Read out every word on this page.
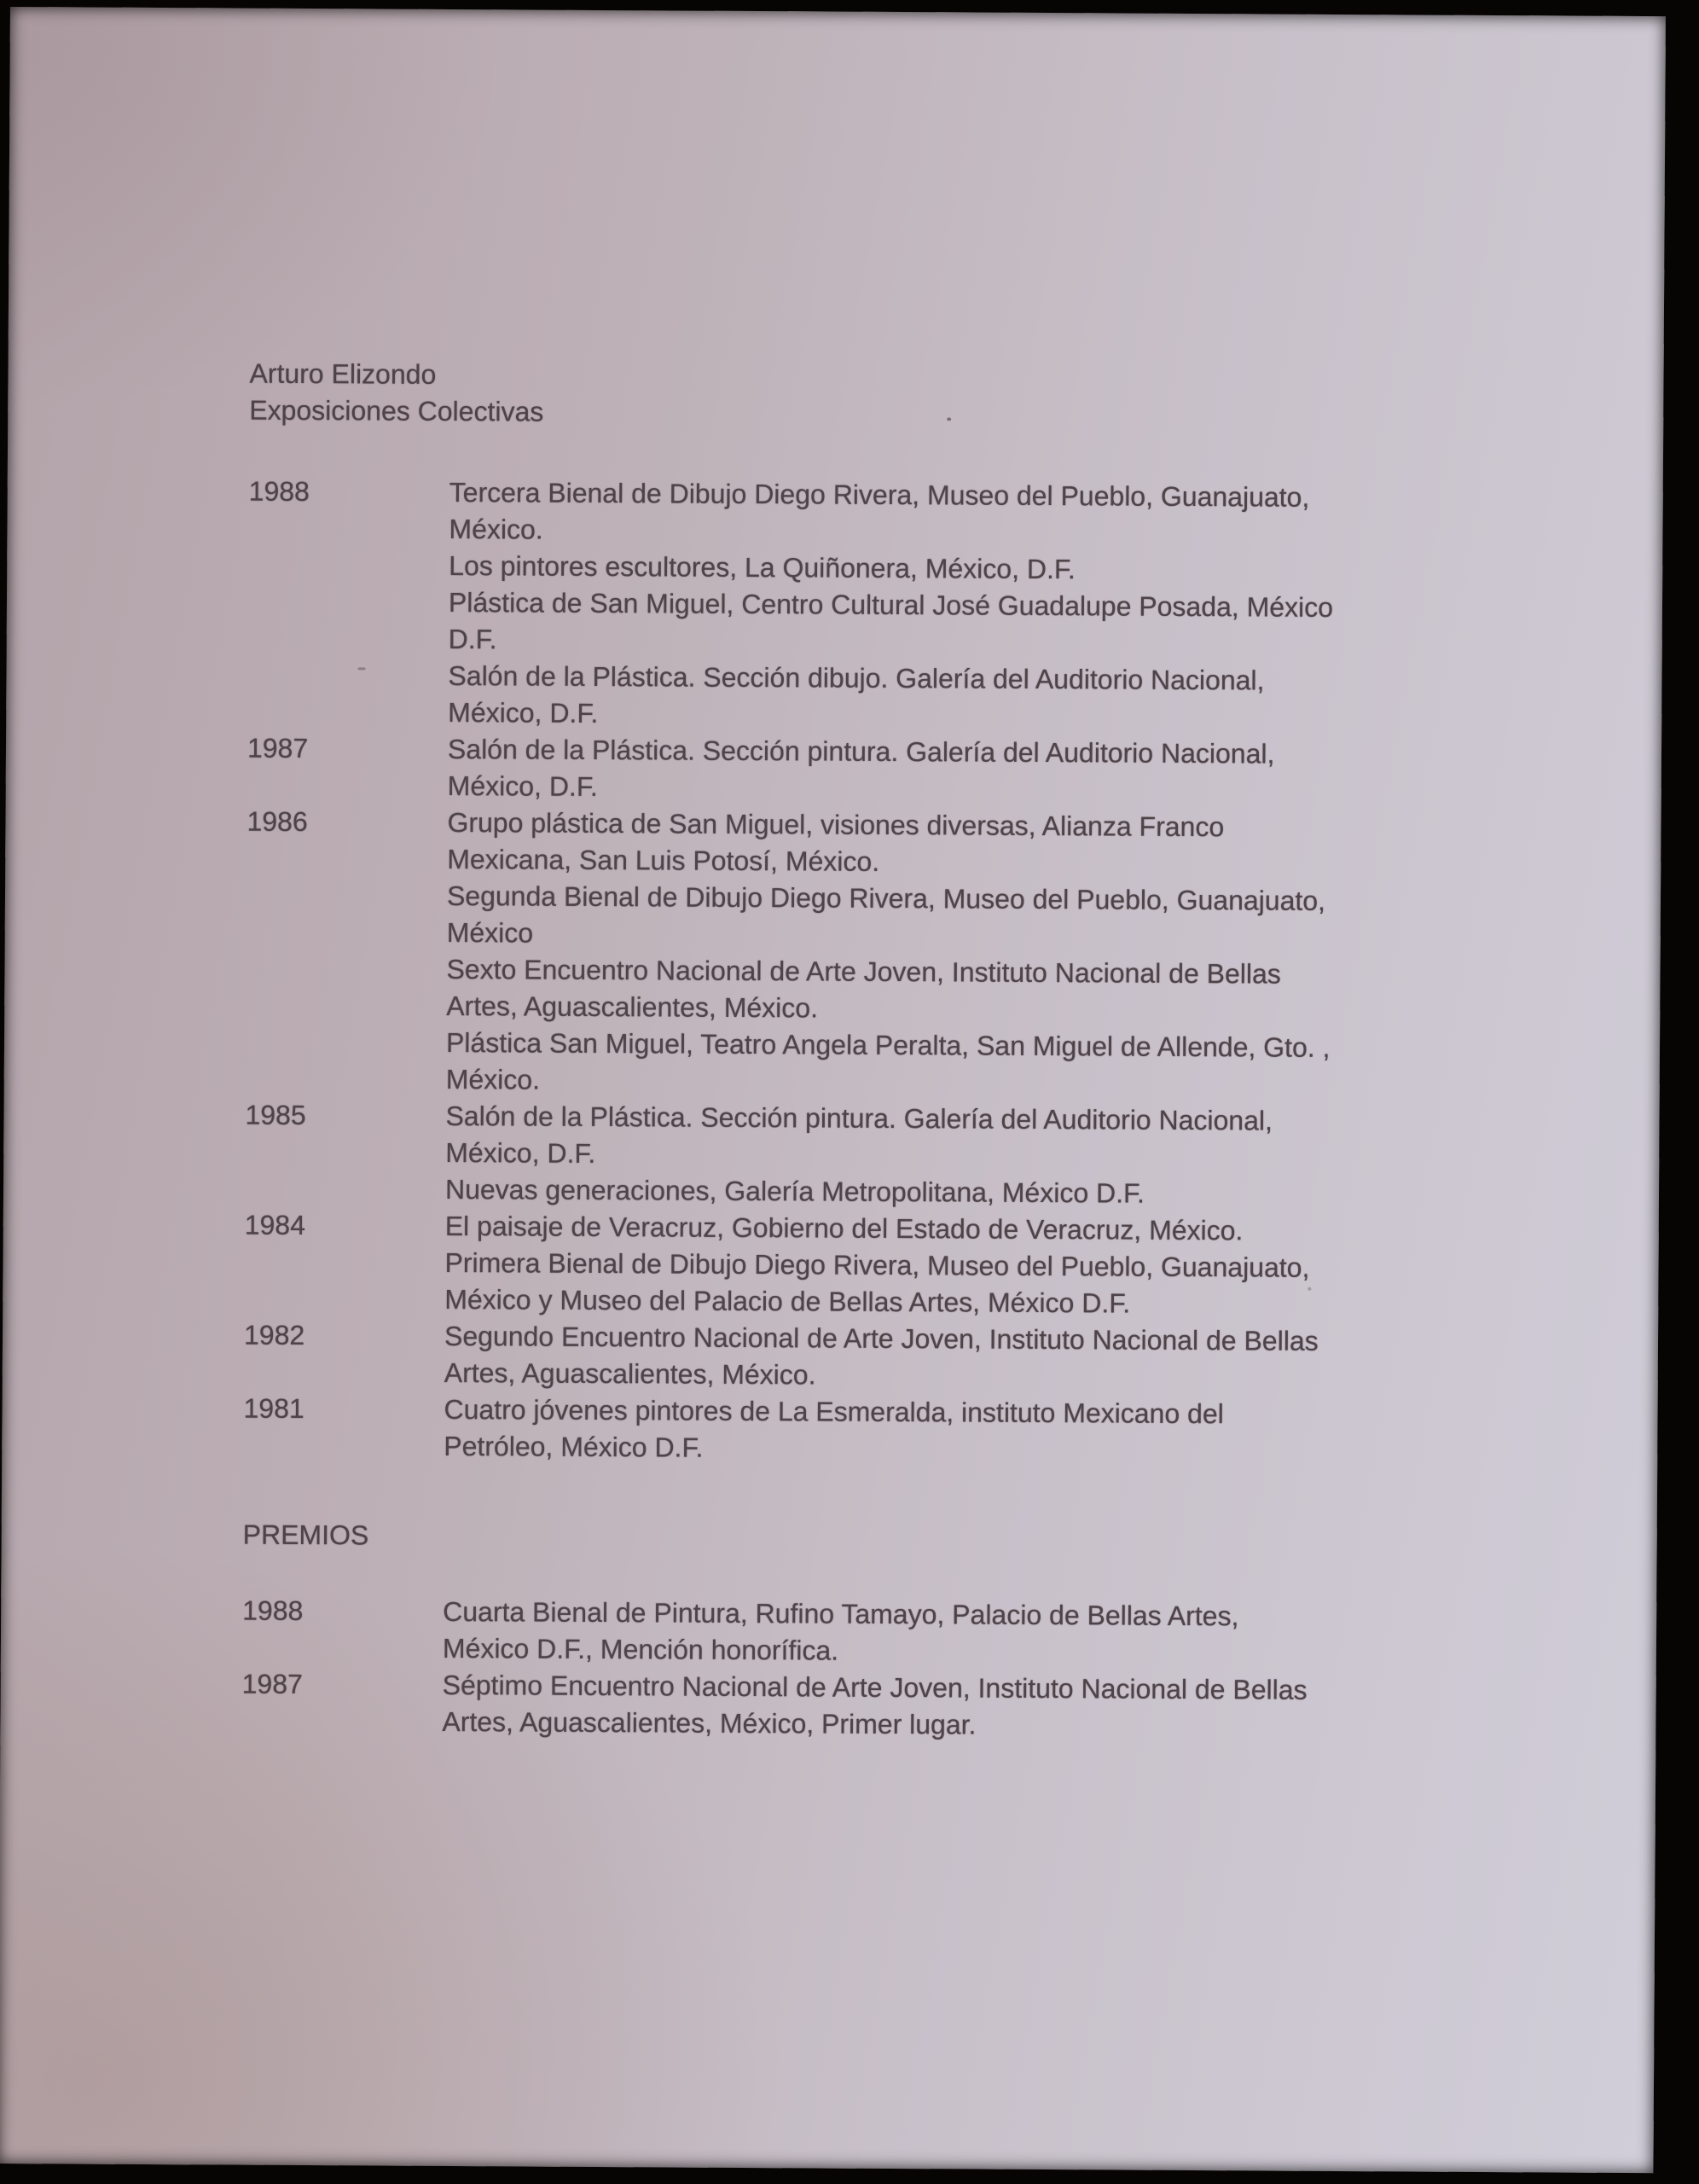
Arturo Elizondo
Exposiciones Colectivas
1988	Tercera Bienal de Dibujo Diego Rivera, Museo del Pueblo, Guanajuato,
México.
Los pintores escultores, La Quiñonera, México, D.F.
Plástica de San Miguel, Centro Cultural José Guadalupe Posada, México
D.F.
Salón de la Plástica. Sección dibujo. Galería del Auditorio Nacional,
México, D.F.
1987	Salón de la Plástica. Sección pintura. Galería del Auditorio Nacional,
México, D.F.
1986	Grupo plástica de San Miguel, visiones diversas, Alianza Franco
Mexicana, San Luis Potosí, México.
Segunda Bienal de Dibujo Diego Rivera, Museo del Pueblo, Guanajuato,
México
Sexto Encuentro Nacional de Arte Joven, Instituto Nacional de Bellas
Artes, Aguascalientes, México.
Plástica San Miguel, Teatro Angela Peralta, San Miguel de Allende, Gto. ,
México.
1985	Salón de la Plástica. Sección pintura. Galería del Auditorio Nacional,
México, D.F.
Nuevas generaciones, Galería Metropolitana, México D.F.
1984	El paisaje de Veracruz, Gobierno del Estado de Veracruz, México.
Primera Bienal de Dibujo Diego Rivera, Museo del Pueblo, Guanajuato,
México y Museo del Palacio de Bellas Artes, México D.F.
1982	Segundo Encuentro Nacional de Arte Joven, Instituto Nacional de Bellas
Artes, Aguascalientes, México.
1981	Cuatro jóvenes pintores de La Esmeralda, instituto Mexicano del
Petróleo, México D.F.
PREMIOS
1988	Cuarta Bienal de Pintura, Rufino Tamayo, Palacio de Bellas Artes,
México D.F., Mención honorífica.
1987	Séptimo Encuentro Nacional de Arte Joven, Instituto Nacional de Bellas
Artes, Aguascalientes, México, Primer lugar.
